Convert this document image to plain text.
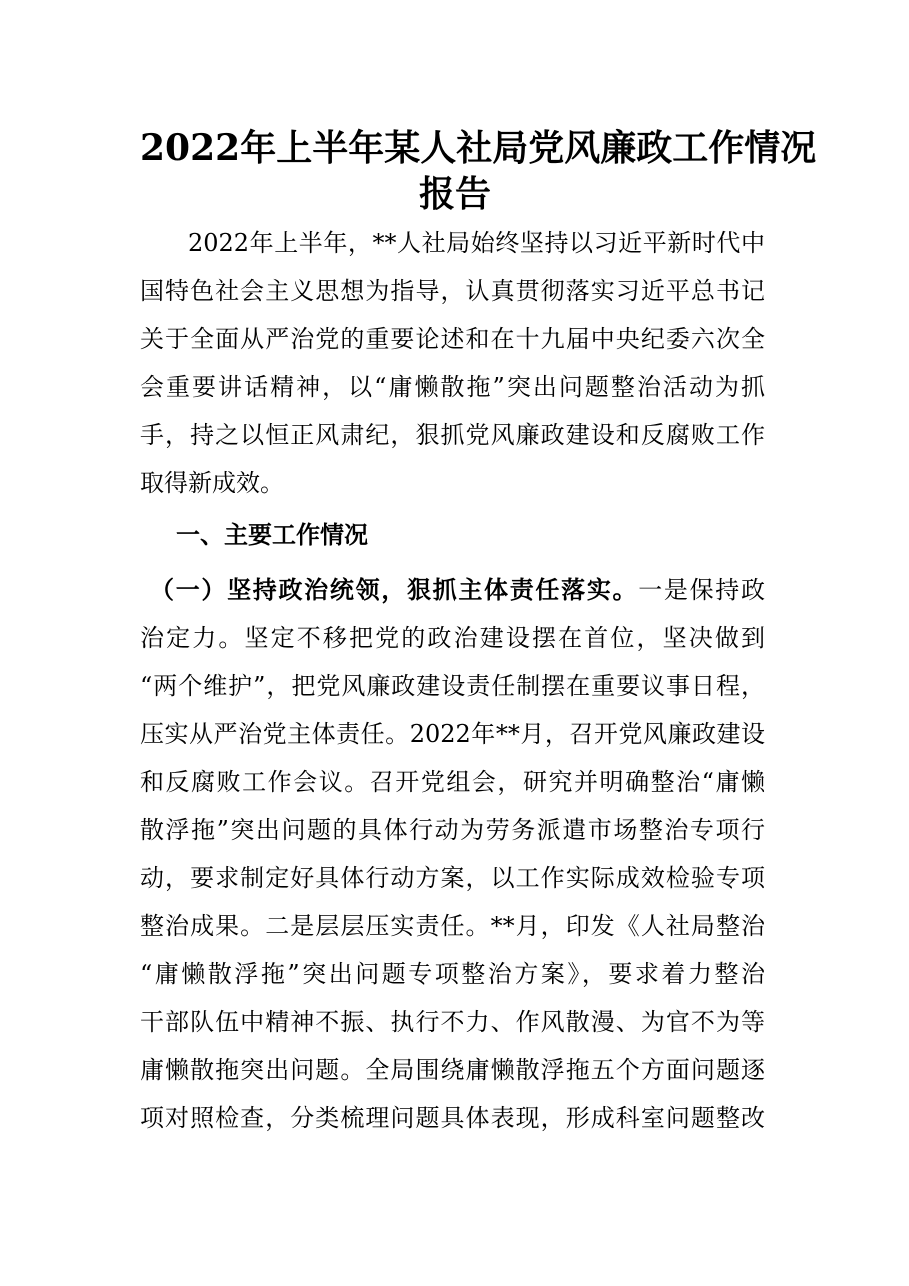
2022年上半年某人社局党风廉政工作情况
报告
2022年上半年，**人社局始终坚持以习近平新时代中
国特色社会主义思想为指导，认真贯彻落实习近平总书记
关于全面从严治党的重要论述和在十九届中央纪委六次全
会重要讲话精神，以“庸懒散拖”突出问题整治活动为抓
手，持之以恒正风肃纪，狠抓党风廉政建设和反腐败工作
取得新成效。
一、主要工作情况
（一）坚持政治统领，狠抓主体责任落实。一是保持政
治定力。坚定不移把党的政治建设摆在首位，坚决做到
“两个维护”，把党风廉政建设责任制摆在重要议事日程，
压实从严治党主体责任。2022年**月，召开党风廉政建设
和反腐败工作会议。召开党组会，研究并明确整治“庸懒
散浮拖”突出问题的具体行动为劳务派遣市场整治专项行
动，要求制定好具体行动方案，以工作实际成效检验专项
整治成果。二是层层压实责任。**月，印发《人社局整治
“庸懒散浮拖”突出问题专项整治方案》，要求着力整治
干部队伍中精神不振、执行不力、作风散漫、为官不为等
庸懒散拖突出问题。全局围绕庸懒散浮拖五个方面问题逐
项对照检查，分类梳理问题具体表现，形成科室问题整改
